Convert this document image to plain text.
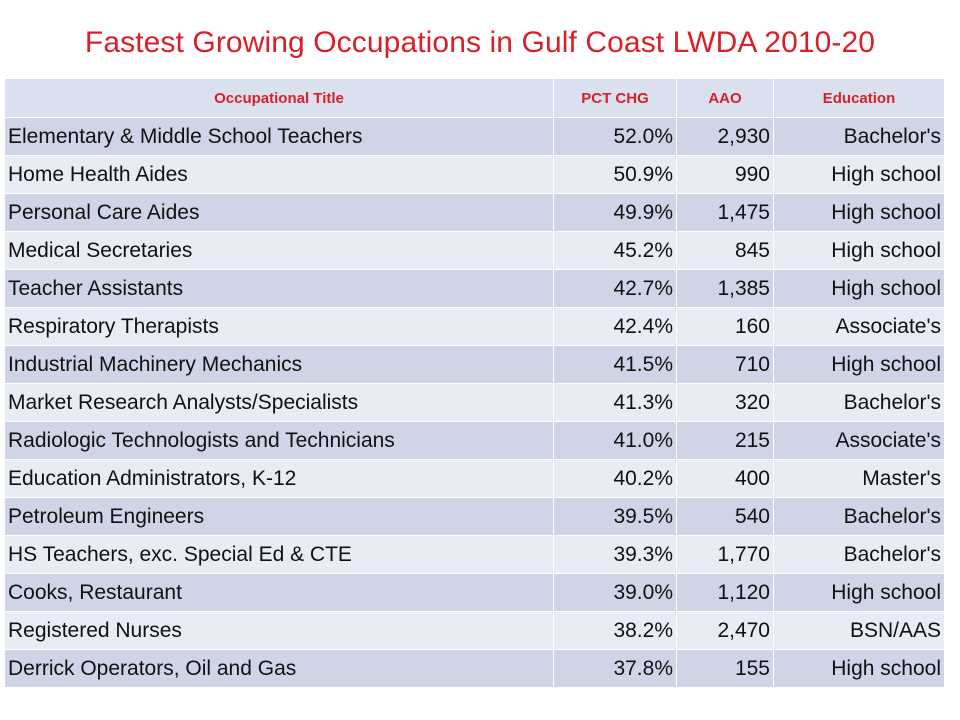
Fastest Growing Occupations in Gulf Coast LWDA 2010-20
Occupational Title	PCT CHG	AAO	Education
Elementary & Middle School Teachers	52.0%	2,930	Bachelor's
Home Health Aides	50.9%	990	High school
Personal Care Aides	49.9%	1,475	High school
Medical Secretaries	45.2%	845	High school
Teacher Assistants	42.7%	1,385	High school
Respiratory Therapists	42.4%	160	Associate's
Industrial Machinery Mechanics	41.5%	710	High school
Market Research Analysts/Specialists	41.3%	320	Bachelor's
Radiologic Technologists and Technicians	41.0%	215	Associate's
Education Administrators, K-12	40.2%	400	Master's
Petroleum Engineers	39.5%	540	Bachelor's
HS Teachers, exc. Special Ed & CTE	39.3%	1,770	Bachelor's
Cooks, Restaurant	39.0%	1,120	High school
Registered Nurses	38.2%	2,470	BSN/AAS
Derrick Operators, Oil and Gas	37.8%	155	High school
